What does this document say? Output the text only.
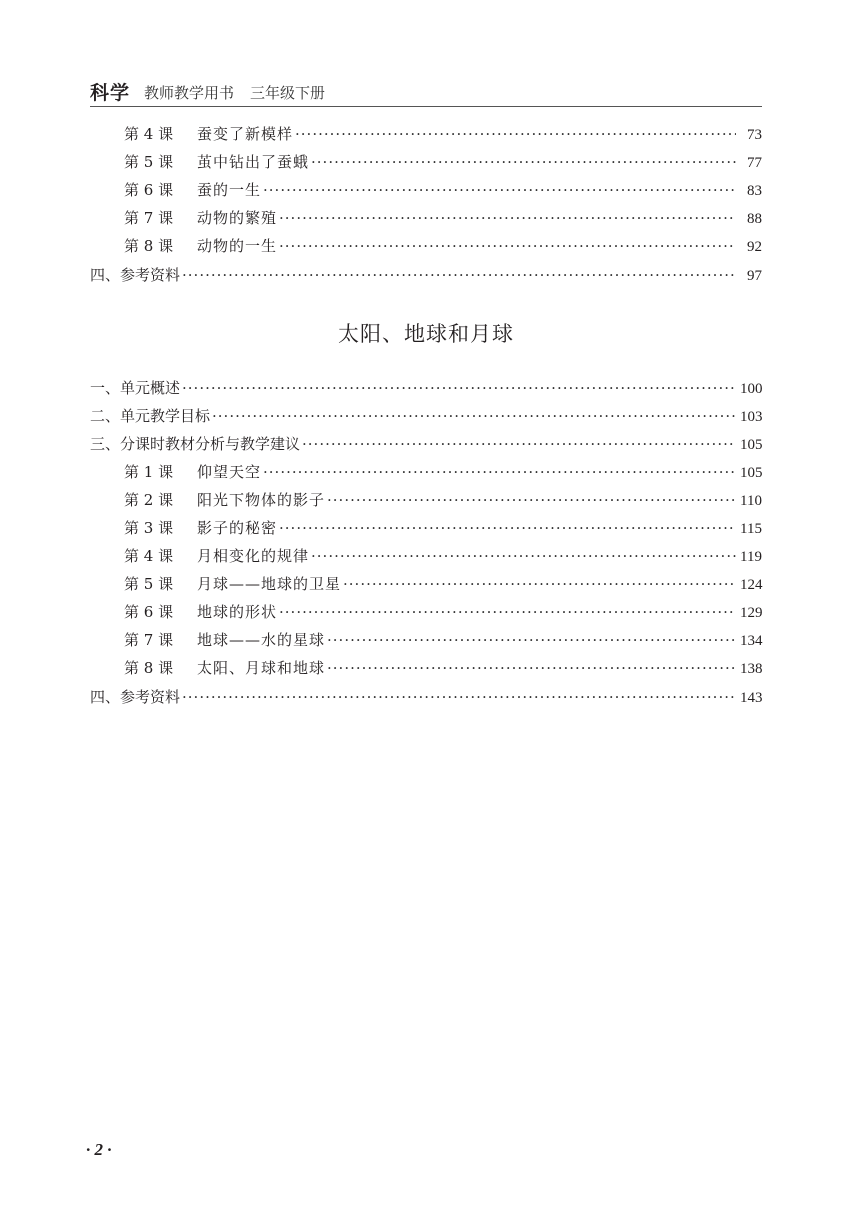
科学 教师教学用书 三年级下册
第 4 课	蚕变了新模样 ·····	73
第 5 课	茧中钻出了蚕蛾 ·····	77
第 6 课	蚕的一生 ·····	83
第 7 课	动物的繁殖 ·····	88
第 8 课	动物的一生 ·····	92
四、参考资料 ·····	97
太阳、地球和月球
一、单元概述 ·····	100
二、单元教学目标 ·····	103
三、分课时教材分析与教学建议 ·····	105
第 1 课	仰望天空 ·····	105
第 2 课	阳光下物体的影子 ·····	110
第 3 课	影子的秘密 ·····	115
第 4 课	月相变化的规律 ·····	119
第 5 课	月球——地球的卫星 ·····	124
第 6 课	地球的形状 ·····	129
第 7 课	地球——水的星球 ·····	134
第 8 课	太阳、月球和地球 ·····	138
四、参考资料 ·····	143
· 2 ·
